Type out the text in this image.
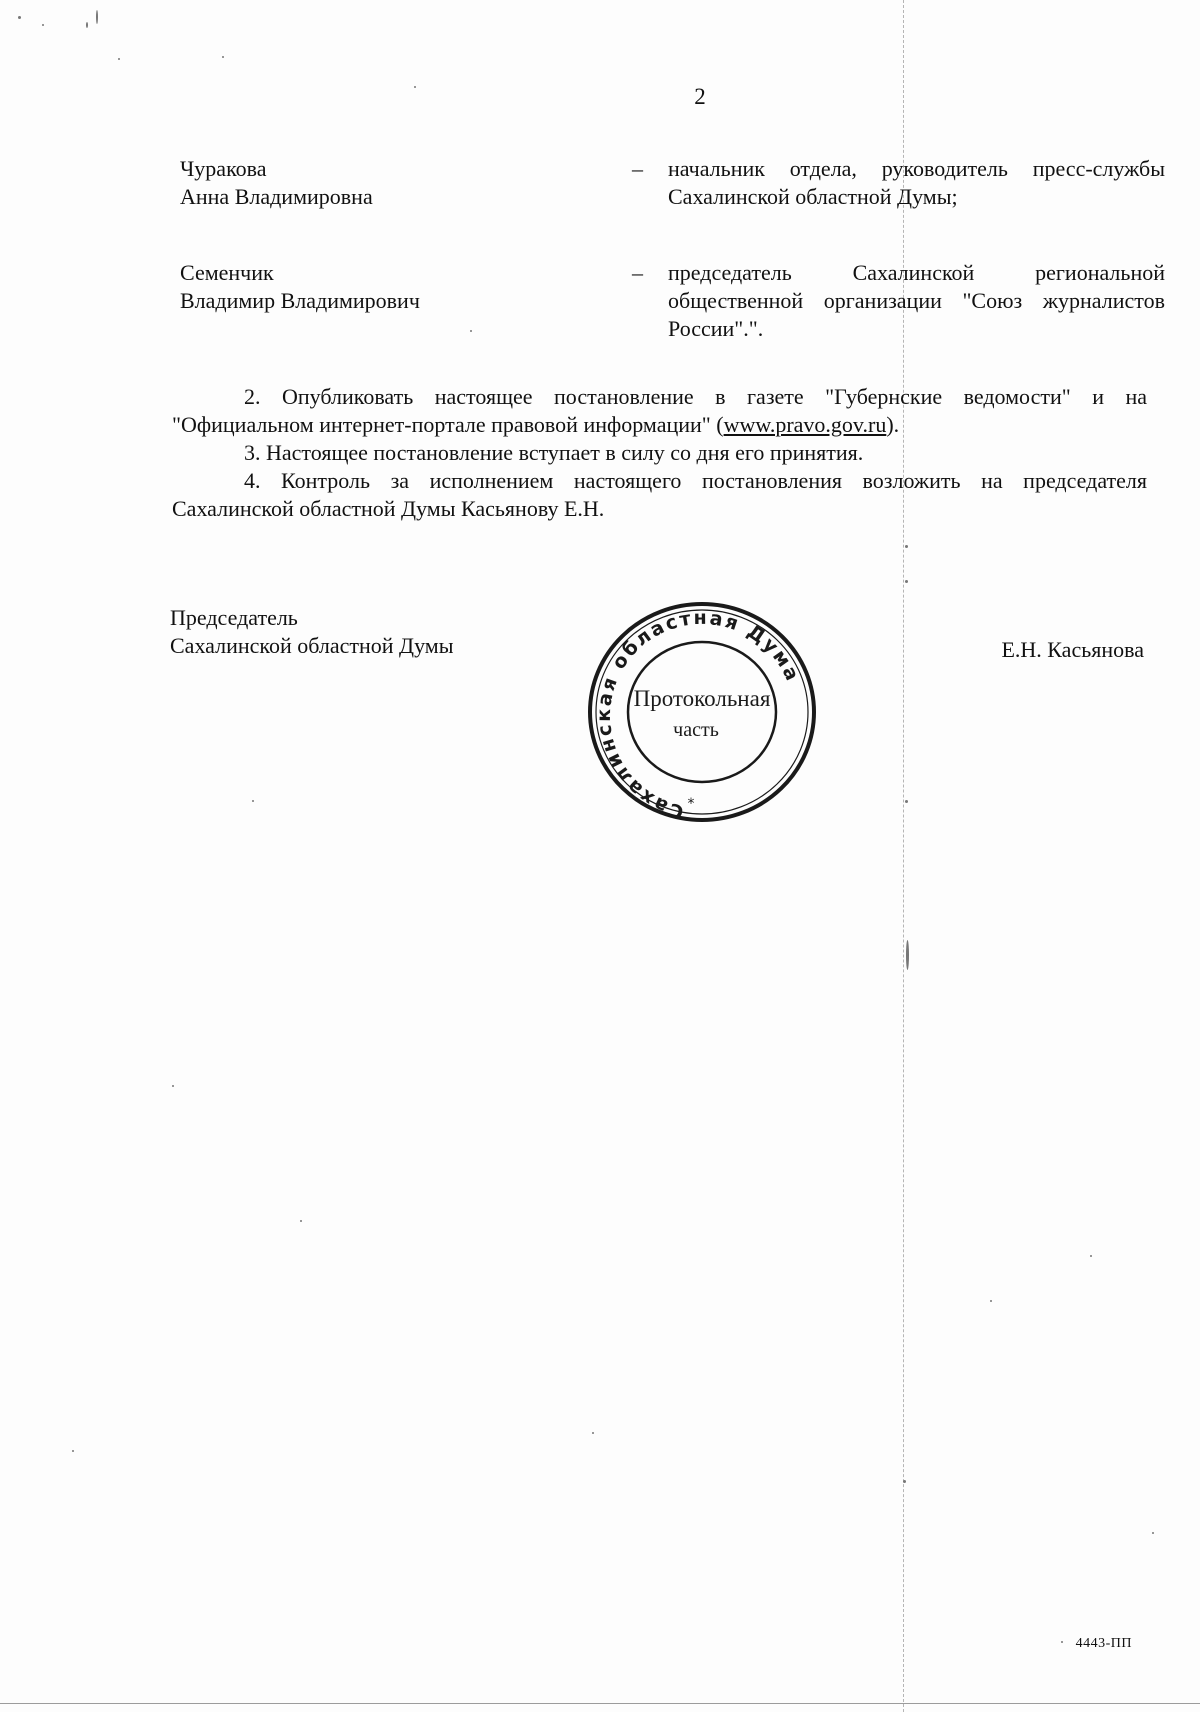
2
Чуракова
Анна Владимировна
– начальник отдела, руководитель пресс-службы Сахалинской областной Думы;
Семенчик
Владимир Владимирович
– председатель Сахалинской региональной общественной организации "Союз журналистов России".".

2. Опубликовать настоящее постановление в газете "Губернские ведомости" и на "Официальном интернет-портале правовой информации" (www.pravo.gov.ru).

3. Настоящее постановление вступает в силу со дня его принятия.

4. Контроль за исполнением настоящего постановления возложить на председателя Сахалинской областной Думы Касьянову Е.Н.

Председатель
Сахалинской областной Думы	Е.Н. Касьянова
Сахалинская областная Дума
Протокольная
часть
*
4443-ПП
